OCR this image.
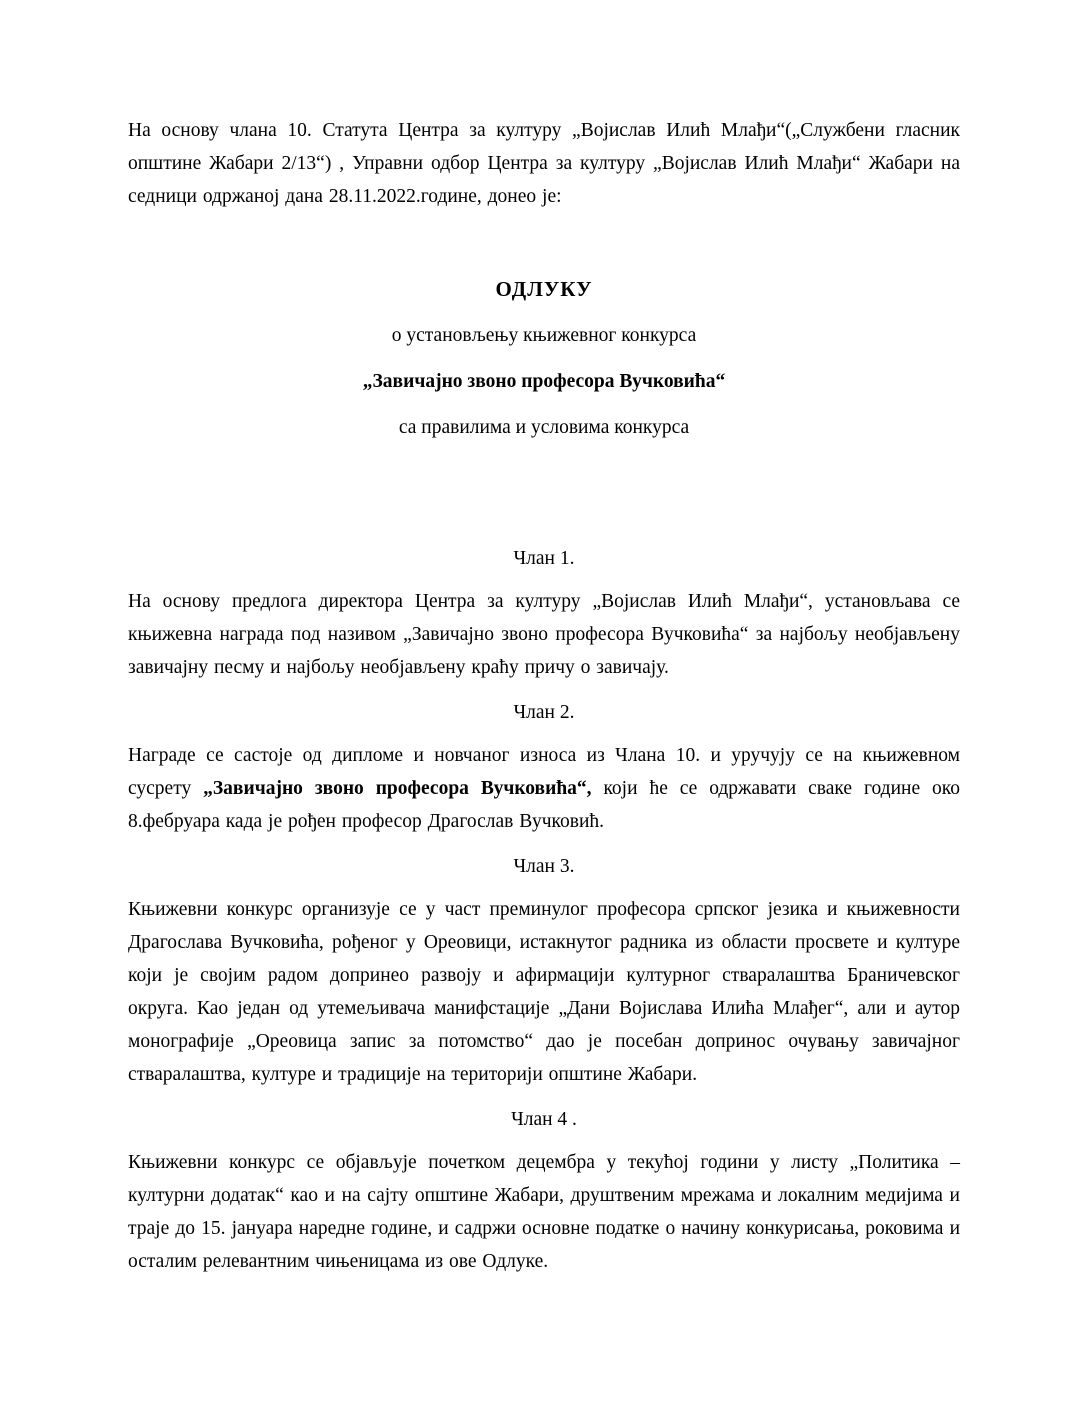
На основу члана 10. Статута Центра за културу „Војислав Илић Млађи“(„Службени гласник општине Жабари 2/13“) , Управни одбор Центра за културу „Војислав Илић Млађи“ Жабари на седници одржаној дана 28.11.2022.године, донео је:

ОДЛУКУ

о установљењу књижевног конкурса

„Завичајно звоно професора Вучковића“

са правилима и условима конкурса

Члан 1.

На основу предлога директора Центра за културу „Војислав Илић Млађи“, установљава се књижевна награда под називом „Завичајно звоно професора Вучковића“ за најбољу необјављену завичајну песму и најбољу необјављену краћу причу о завичају.

Члан 2.

Награде се састоје од дипломе и новчаног износа из Члана 10. и уручују се на књижевном сусрету „Завичајно звоно професора Вучковића“, који ће се одржавати сваке године око 8.фебруара када је рођен професор Драгослав Вучковић.

Члан 3.

Књижевни конкурс организује се у част преминулог професора српског језика и књижевности Драгослава Вучковића, рођеног у Ореовици, истакнутог радника из области просвете и културе који је својим радом допринео развоју и афирмацији културног стваралаштва Браничевског округа. Као један од утемељивача манифстације „Дани Војислава Илића Млађег“, али и аутор монографије „Ореовица запис за потомство“ дао је посебан допринос очувању завичајног стваралаштва, културе и традиције на територији општине Жабари.

Члан 4 .

Књижевни конкурс се објављује почетком децембра у текућој години у листу „Политика – културни додатак“ као и на сајту општине Жабари, друштвеним мрежама и локалним медијима и траје до 15. јануара наредне године, и садржи основне податке о начину конкурисања, роковима и осталим релевантним чињеницама из ове Одлуке.
